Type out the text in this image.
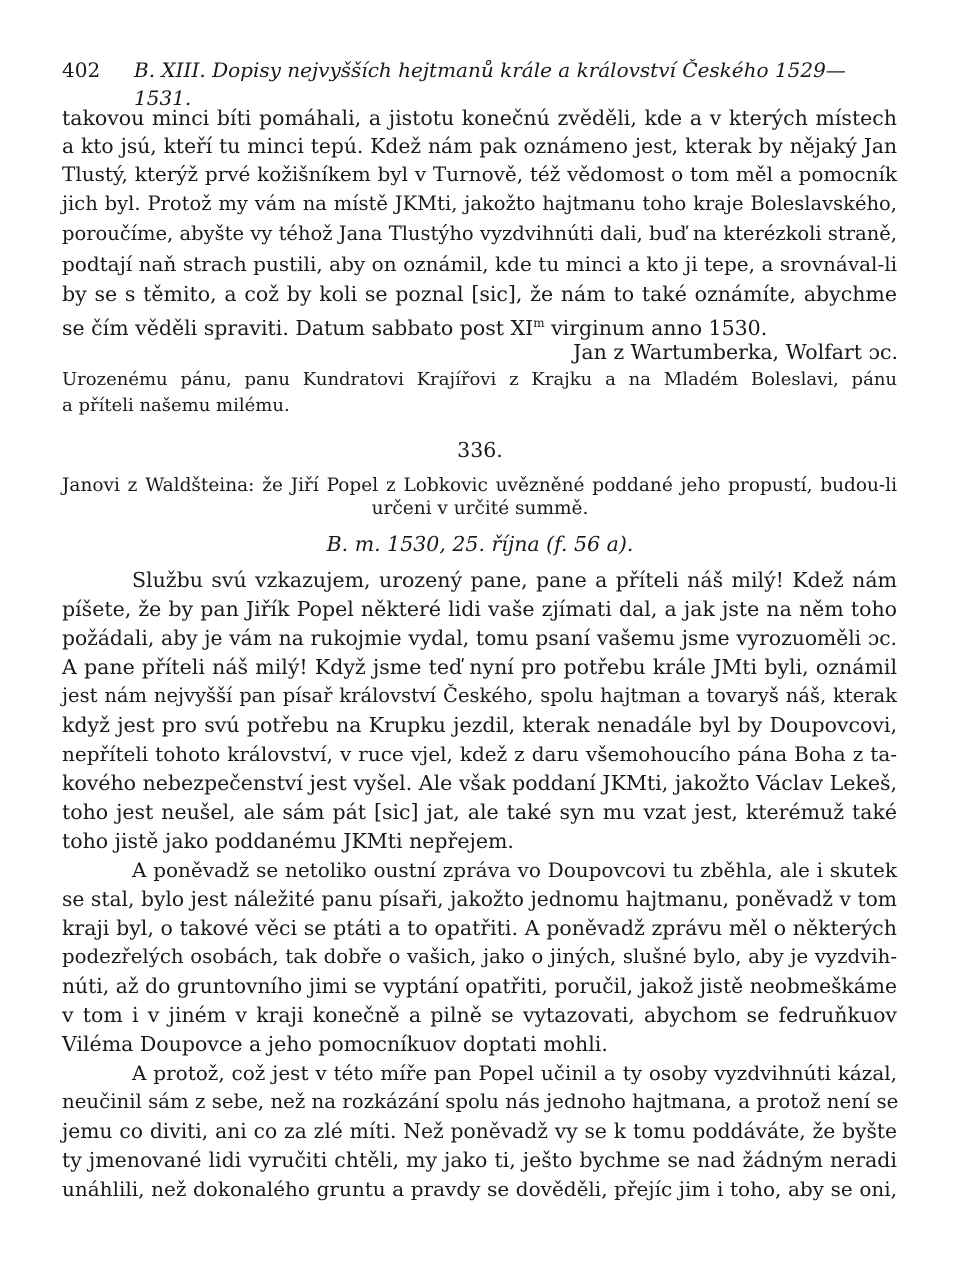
402 B. XIII. Dopisy nejvyšších hejtmanů krále a království Českého 1529—1531.
takovou minci bíti pomáhali, a jistotu konečnú zvěděli, kde a v kterých místech
a kto jsú, kteří tu minci tepú. Kdež nám pak oznámeno jest, kterak by nějaký Jan
Tlustý, kterýž prvé kožišníkem byl v Turnově, též vědomost o tom měl a pomocník
jich byl. Protož my vám na místě JKMti, jakožto hajtmanu toho kraje Boleslavského,
poroučíme, abyšte vy téhož Jana Tlustýho vyzdvihnúti dali, buď na kterézkoli straně,
podtají naň strach pustili, aby on oznámil, kde tu minci a kto ji tepe, a srovnával-li
by se s těmito, a což by koli se poznal [sic], že nám to také oznámíte, abychme
se čím věděli spraviti. Datum sabbato post $XI^m$ virginum anno 1530.
Jan z Wartumberka, Wolfart ɔc.
Urozenému pánu, panu Kundratovi Krajířovi z Krajku a na Mladém Boleslavi, pánu
a příteli našemu milému.
336.
Janovi z Waldšteina: že Jiří Popel z Lobkovic uvězněné poddané jeho propustí, budou-li
určeni v určité summě.
B. m. 1530, 25. října (f. 56 a).
Službu svú vzkazujem, urozený pane, pane a příteli náš milý! Kdež nám
píšete, že by pan Jiřík Popel některé lidi vaše zjímati dal, a jak jste na něm toho
požádali, aby je vám na rukojmie vydal, tomu psaní vašemu jsme vyrozuoměli ɔc.
A pane příteli náš milý! Když jsme teď nyní pro potřebu krále JMti byli, oznámil
jest nám nejvyšší pan písař království Českého, spolu hajtman a tovaryš náš, kterak
když jest pro svú potřebu na Krupku jezdil, kterak nenadále byl by Doupovcovi,
nepříteli tohoto království, v ruce vjel, kdež z daru všemohoucího pána Boha z ta-
kového nebezpečenství jest vyšel. Ale však poddaní JKMti, jakožto Václav Lekeš,
toho jest neušel, ale sám pát [sic] jat, ale také syn mu vzat jest, kterémuž také
toho jistě jako poddanému JKMti nepřejem.
A poněvadž se netoliko oustní zpráva vo Doupovcovi tu zběhla, ale i skutek
se stal, bylo jest náležité panu písaři, jakožto jednomu hajtmanu, poněvadž v tom
kraji byl, o takové věci se ptáti a to opatřiti. A poněvadž zprávu měl o některých
podezřelých osobách, tak dobře o vašich, jako o jiných, slušné bylo, aby je vyzdvih-
núti, až do gruntovního jimi se vyptání opatřiti, poručil, jakož jistě neobmeškáme
v tom i v jiném v kraji konečně a pilně se vytazovati, abychom se fedruňkuov
Viléma Doupovce a jeho pomocníkuov doptati mohli.
A protož, což jest v této míře pan Popel učinil a ty osoby vyzdvihnúti kázal,
neučinil sám z sebe, než na rozkázání spolu nás jednoho hajtmana, a protož není se
jemu co diviti, ani co za zlé míti. Než poněvadž vy se k tomu poddáváte, že byšte
ty jmenované lidi vyručiti chtěli, my jako ti, ješto bychme se nad žádným neradi
unáhlili, než dokonalého gruntu a pravdy se dověděli, přejíc jim i toho, aby se oni,
